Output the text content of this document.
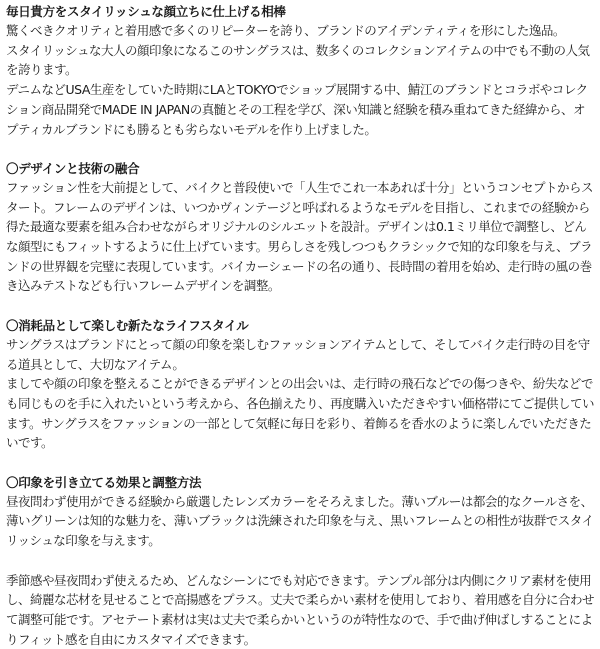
毎日貴方をスタイリッシュな顔立ちに仕上げる相棒

驚くべきクオリティと着用感で多くのリピーターを誇り、ブランドのアイデンティティを形にした逸品。

スタイリッシュな大人の顔印象になるこのサングラスは、数多くのコレクションアイテムの中でも不動の人気を誇ります。

デニムなどUSA生産をしていた時期にLAとTOKYOでショップ展開する中、鯖江のブランドとコラボやコレクション商品開発でMADE IN JAPANの真髄とその工程を学び、深い知識と経験を積み重ねてきた経緯から、オプティカルブランドにも勝るとも劣らないモデルを作り上げました。

〇デザインと技術の融合

ファッション性を大前提として、バイクと普段使いで「人生でこれ一本あれば十分」というコンセプトからスタート。フレームのデザインは、いつかヴィンテージと呼ばれるようなモデルを目指し、これまでの経験から得た最適な要素を組み合わせながらオリジナルのシルエットを設計。デザインは0.1ミリ単位で調整し、どんな顔型にもフィットするように仕上げています。男らしさを残しつつもクラシックで知的な印象を与え、ブランドの世界観を完璧に表現しています。バイカーシェードの名の通り、長時間の着用を始め、走行時の風の巻き込みテストなども行いフレームデザインを調整。

〇消耗品として楽しむ新たなライフスタイル

サングラスはブランドにとって顔の印象を楽しむファッションアイテムとして、そしてバイク走行時の目を守る道具として、大切なアイテム。

ましてや顔の印象を整えることができるデザインとの出会いは、走行時の飛石などでの傷つきや、紛失などでも同じものを手に入れたいという考えから、各色揃えたり、再度購入いただきやすい価格帯にてご提供しています。サングラスをファッションの一部として気軽に毎日を彩り、着飾るを香水のように楽しんでいただきたいです。

〇印象を引き立てる効果と調整方法

昼夜問わず使用ができる経験から厳選したレンズカラーをそろえました。薄いブルーは都会的なクールさを、薄いグリーンは知的な魅力を、薄いブラックは洗練された印象を与え、黒いフレームとの相性が抜群でスタイリッシュな印象を与えます。

季節感や昼夜問わず使えるため、どんなシーンにでも対応できます。テンプル部分は内側にクリア素材を使用し、綺麗な芯材を見せることで高揚感をプラス。丈夫で柔らかい素材を使用しており、着用感を自分に合わせて調整可能です。アセテート素材は実は丈夫で柔らかいというのが特性なので、手で曲げ伸ばしすることによりフィット感を自由にカスタマイズできます。
